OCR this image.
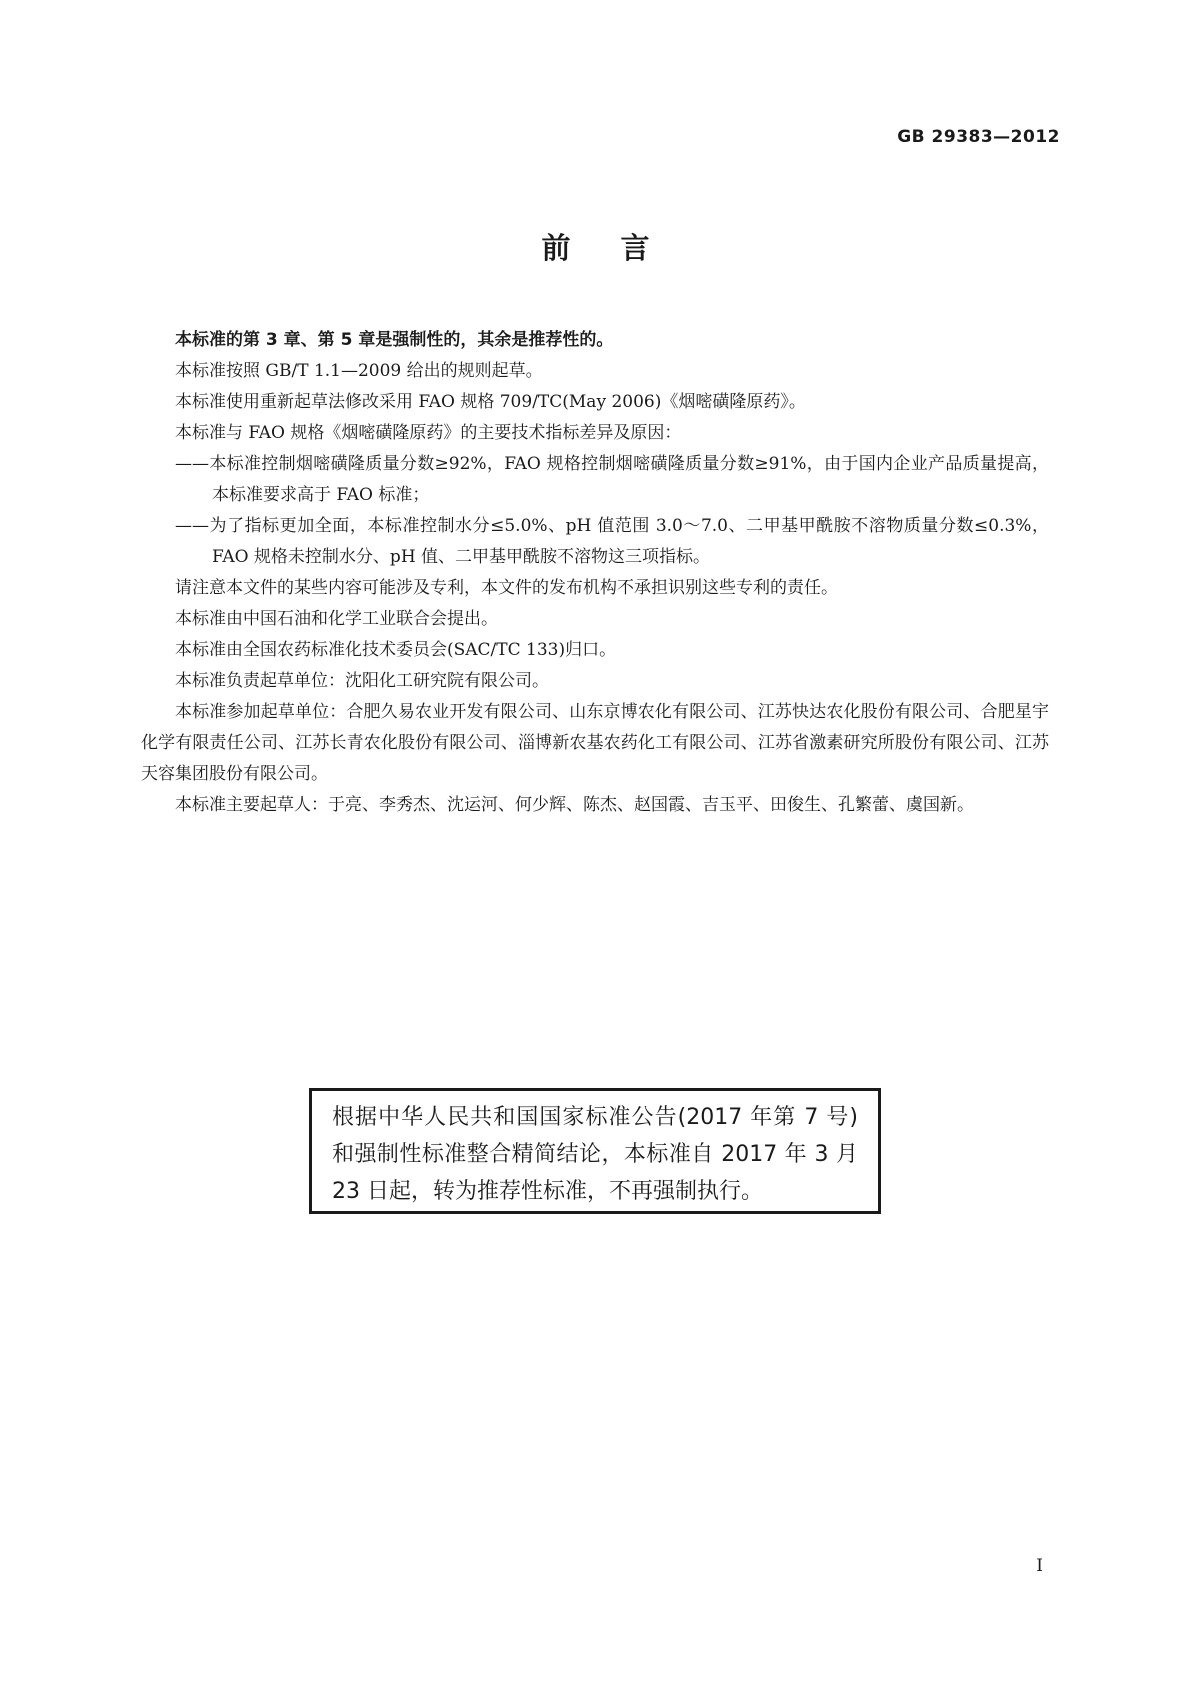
GB 29383—2012
前言

本标准的第 3 章、第 5 章是强制性的，其余是推荐性的。

本标准按照 GB/T 1.1—2009 给出的规则起草。

本标准使用重新起草法修改采用 FAO 规格 709/TC(May 2006)《烟嘧磺隆原药》。

本标准与 FAO 规格《烟嘧磺隆原药》的主要技术指标差异及原因：

——本标准控制烟嘧磺隆质量分数≥92%，FAO 规格控制烟嘧磺隆质量分数≥91%，由于国内企业产品质量提高，本标准要求高于 FAO 标准；

——为了指标更加全面，本标准控制水分≤5.0%、pH 值范围 3.0～7.0、二甲基甲酰胺不溶物质量分数≤0.3%，FAO 规格未控制水分、pH 值、二甲基甲酰胺不溶物这三项指标。

请注意本文件的某些内容可能涉及专利，本文件的发布机构不承担识别这些专利的责任。

本标准由中国石油和化学工业联合会提出。

本标准由全国农药标准化技术委员会(SAC/TC 133)归口。

本标准负责起草单位：沈阳化工研究院有限公司。

本标准参加起草单位：合肥久易农业开发有限公司、山东京博农化有限公司、江苏快达农化股份有限公司、合肥星宇化学有限责任公司、江苏长青农化股份有限公司、淄博新农基农药化工有限公司、江苏省激素研究所股份有限公司、江苏天容集团股份有限公司。

本标准主要起草人：于亮、李秀杰、沈运河、何少辉、陈杰、赵国霞、吉玉平、田俊生、孔繁蕾、虞国新。

根据中华人民共和国国家标准公告(2017 年第 7 号)和强制性标准整合精简结论，本标准自 2017 年 3 月 23 日起，转为推荐性标准，不再强制执行。
I
